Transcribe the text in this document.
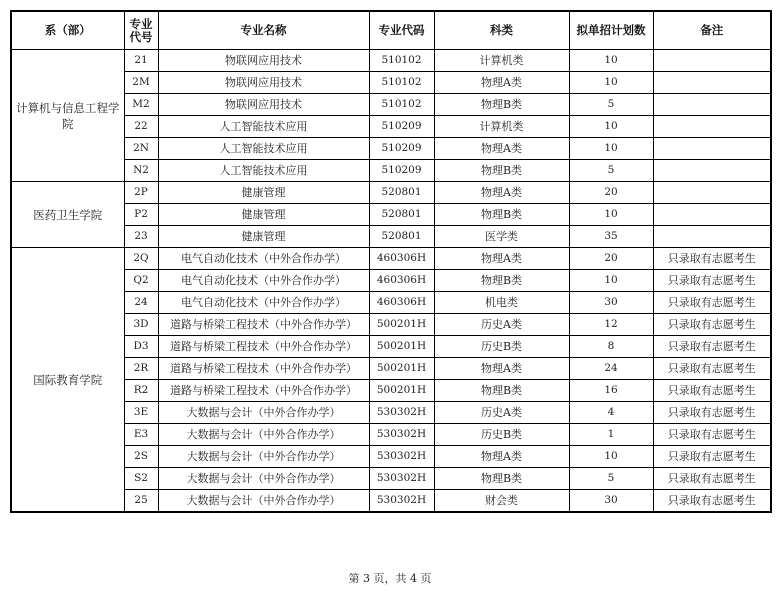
系（部）	专业代号	专业名称	专业代码	科类	拟单招计划数	备注
计算机与信息工程学院	21	物联网应用技术	510102	计算机类	10	
	2M	物联网应用技术	510102	物理A类	10	
	M2	物联网应用技术	510102	物理B类	5	
	22	人工智能技术应用	510209	计算机类	10	
	2N	人工智能技术应用	510209	物理A类	10	
	N2	人工智能技术应用	510209	物理B类	5	
医药卫生学院	2P	健康管理	520801	物理A类	20	
	P2	健康管理	520801	物理B类	10	
	23	健康管理	520801	医学类	35	
国际教育学院	2Q	电气自动化技术（中外合作办学）	460306H	物理A类	20	只录取有志愿考生
	Q2	电气自动化技术（中外合作办学）	460306H	物理B类	10	只录取有志愿考生
	24	电气自动化技术（中外合作办学）	460306H	机电类	30	只录取有志愿考生
	3D	道路与桥梁工程技术（中外合作办学）	500201H	历史A类	12	只录取有志愿考生
	D3	道路与桥梁工程技术（中外合作办学）	500201H	历史B类	8	只录取有志愿考生
	2R	道路与桥梁工程技术（中外合作办学）	500201H	物理A类	24	只录取有志愿考生
	R2	道路与桥梁工程技术（中外合作办学）	500201H	物理B类	16	只录取有志愿考生
	3E	大数据与会计（中外合作办学）	530302H	历史A类	4	只录取有志愿考生
	E3	大数据与会计（中外合作办学）	530302H	历史B类	1	只录取有志愿考生
	2S	大数据与会计（中外合作办学）	530302H	物理A类	10	只录取有志愿考生
	S2	大数据与会计（中外合作办学）	530302H	物理B类	5	只录取有志愿考生
	25	大数据与会计（中外合作办学）	530302H	财会类	30	只录取有志愿考生
第 3 页，共 4 页
